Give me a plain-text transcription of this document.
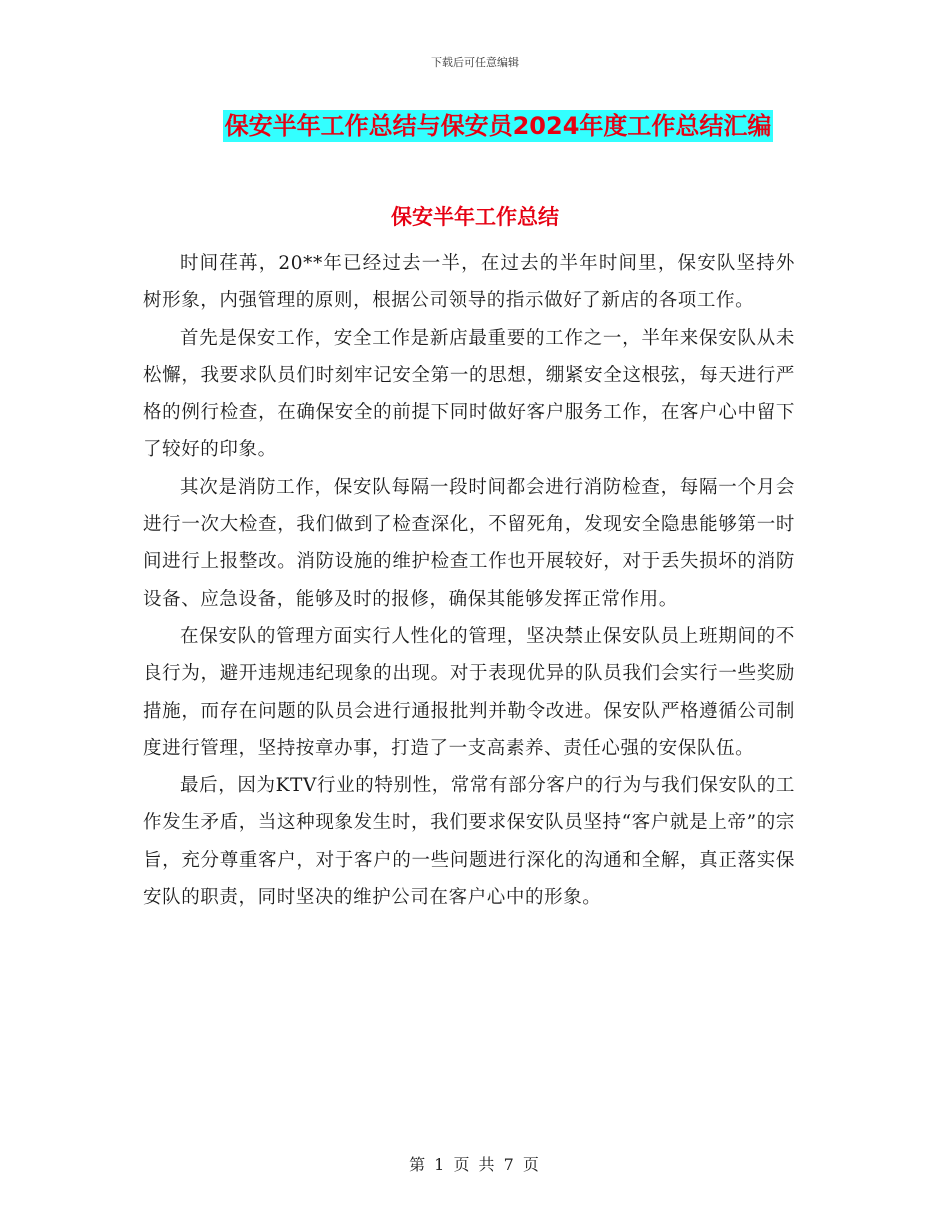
下载后可任意编辑
保安半年工作总结与保安员2024年度工作总结汇编
保安半年工作总结

时间荏苒，20**年已经过去一半，在过去的半年时间里，保安队坚持外树形象，内强管理的原则，根据公司领导的指示做好了新店的各项工作。

首先是保安工作，安全工作是新店最重要的工作之一，半年来保安队从未松懈，我要求队员们时刻牢记安全第一的思想，绷紧安全这根弦，每天进行严格的例行检查，在确保安全的前提下同时做好客户服务工作，在客户心中留下了较好的印象。

其次是消防工作，保安队每隔一段时间都会进行消防检查，每隔一个月会进行一次大检查，我们做到了检查深化，不留死角，发现安全隐患能够第一时间进行上报整改。消防设施的维护检查工作也开展较好，对于丢失损坏的消防设备、应急设备，能够及时的报修，确保其能够发挥正常作用。

在保安队的管理方面实行人性化的管理，坚决禁止保安队员上班期间的不良行为，避开违规违纪现象的出现。对于表现优异的队员我们会实行一些奖励措施，而存在问题的队员会进行通报批判并勒令改进。保安队严格遵循公司制度进行管理，坚持按章办事，打造了一支高素养、责任心强的安保队伍。

最后，因为KTV行业的特别性，常常有部分客户的行为与我们保安队的工作发生矛盾，当这种现象发生时，我们要求保安队员坚持“客户就是上帝”的宗旨，充分尊重客户，对于客户的一些问题进行深化的沟通和全解，真正落实保安队的职责，同时坚决的维护公司在客户心中的形象。

第 1 页 共 7 页
